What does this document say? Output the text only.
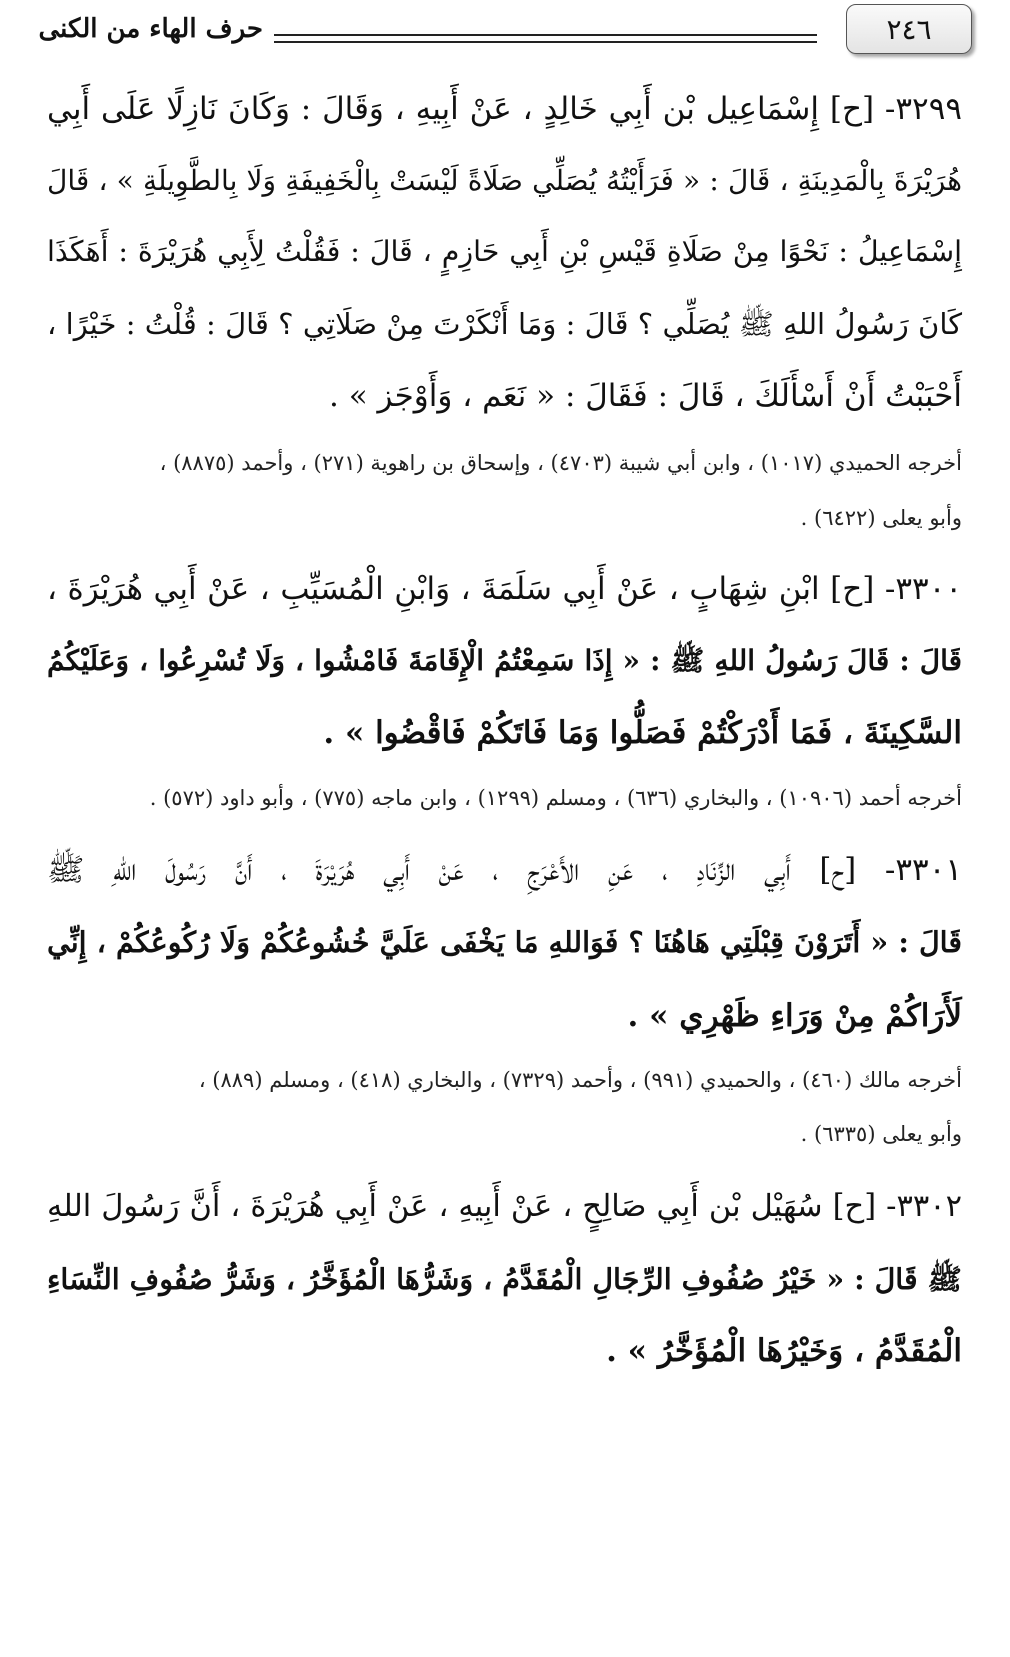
٢٤٦
حرف الهاء من الكنى
٣٢٩٩- [ح] إِسْمَاعِيل بْن أَبِي خَالِدٍ ، عَنْ أَبِيهِ ، وَقَالَ : وَكَانَ نَازِلًا عَلَى أَبِي
هُرَيْرَةَ بِالْمَدِينَةِ ، قَالَ : « فَرَأَيْتُهُ يُصَلِّي صَلَاةً لَيْسَتْ بِالْخَفِيفَةِ وَلَا بِالطَّوِيلَةِ » ، قَالَ
إِسْمَاعِيلُ : نَحْوًا مِنْ صَلَاةِ قَيْسِ بْنِ أَبِي حَازِمٍ ، قَالَ : فَقُلْتُ لِأَبِي هُرَيْرَةَ : أَهَكَذَا
كَانَ رَسُولُ اللهِ ﷺ يُصَلِّي ؟ قَالَ : وَمَا أَنْكَرْتَ مِنْ صَلَاتِي ؟ قَالَ : قُلْتُ : خَيْرًا ،
أَحْبَبْتُ أَنْ أَسْأَلَكَ ، قَالَ : فَقَالَ : « نَعَم ، وَأَوْجَز » .
أخرجه الحميدي (١٠١٧) ، وابن أبي شيبة (٤٧٠٣) ، وإسحاق بن راهوية (٢٧١) ، وأحمد (٨٨٧٥) ،
وأبو يعلى (٦٤٢٢) .
٣٣٠٠- [ح] ابْنِ شِهَابٍ ، عَنْ أَبِي سَلَمَةَ ، وَابْنِ الْمُسَيِّبِ ، عَنْ أَبِي هُرَيْرَةَ ،
قَالَ : قَالَ رَسُولُ اللهِ ﷺ : « إِذَا سَمِعْتُمُ الْإِقَامَةَ فَامْشُوا ، وَلَا تُسْرِعُوا ، وَعَلَيْكُمُ
السَّكِينَةَ ، فَمَا أَدْرَكْتُمْ فَصَلُّوا وَمَا فَاتَكُمْ فَاقْضُوا » .
أخرجه أحمد (١٠٩٠٦) ، والبخاري (٦٣٦) ، ومسلم (١٢٩٩) ، وابن ماجه (٧٧٥) ، وأبو داود (٥٧٢) .
٣٣٠١- [ح] أَبِي الزِّنَادِ ، عَنِ الأَعْرَجِ ، عَنْ أَبِي هُرَيْرَةَ ، أَنَّ رَسُولَ اللهِ ﷺ
قَالَ : « أَتَرَوْنَ قِبْلَتِي هَاهُنَا ؟ فَوَاللهِ مَا يَخْفَى عَلَيَّ خُشُوعُكُمْ وَلَا رُكُوعُكُمْ ، إِنِّي
لَأَرَاكُمْ مِنْ وَرَاءِ ظَهْرِي » .
أخرجه مالك (٤٦٠) ، والحميدي (٩٩١) ، وأحمد (٧٣٢٩) ، والبخاري (٤١٨) ، ومسلم (٨٨٩) ،
وأبو يعلى (٦٣٣٥) .
٣٣٠٢- [ح] سُهَيْل بْن أَبِي صَالِحٍ ، عَنْ أَبِيهِ ، عَنْ أَبِي هُرَيْرَةَ ، أَنَّ رَسُولَ اللهِ
ﷺ قَالَ : « خَيْرُ صُفُوفِ الرِّجَالِ الْمُقَدَّمُ ، وَشَرُّهَا الْمُؤَخَّرُ ، وَشَرُّ صُفُوفِ النِّسَاءِ
الْمُقَدَّمُ ، وَخَيْرُهَا الْمُؤَخَّرُ » .
